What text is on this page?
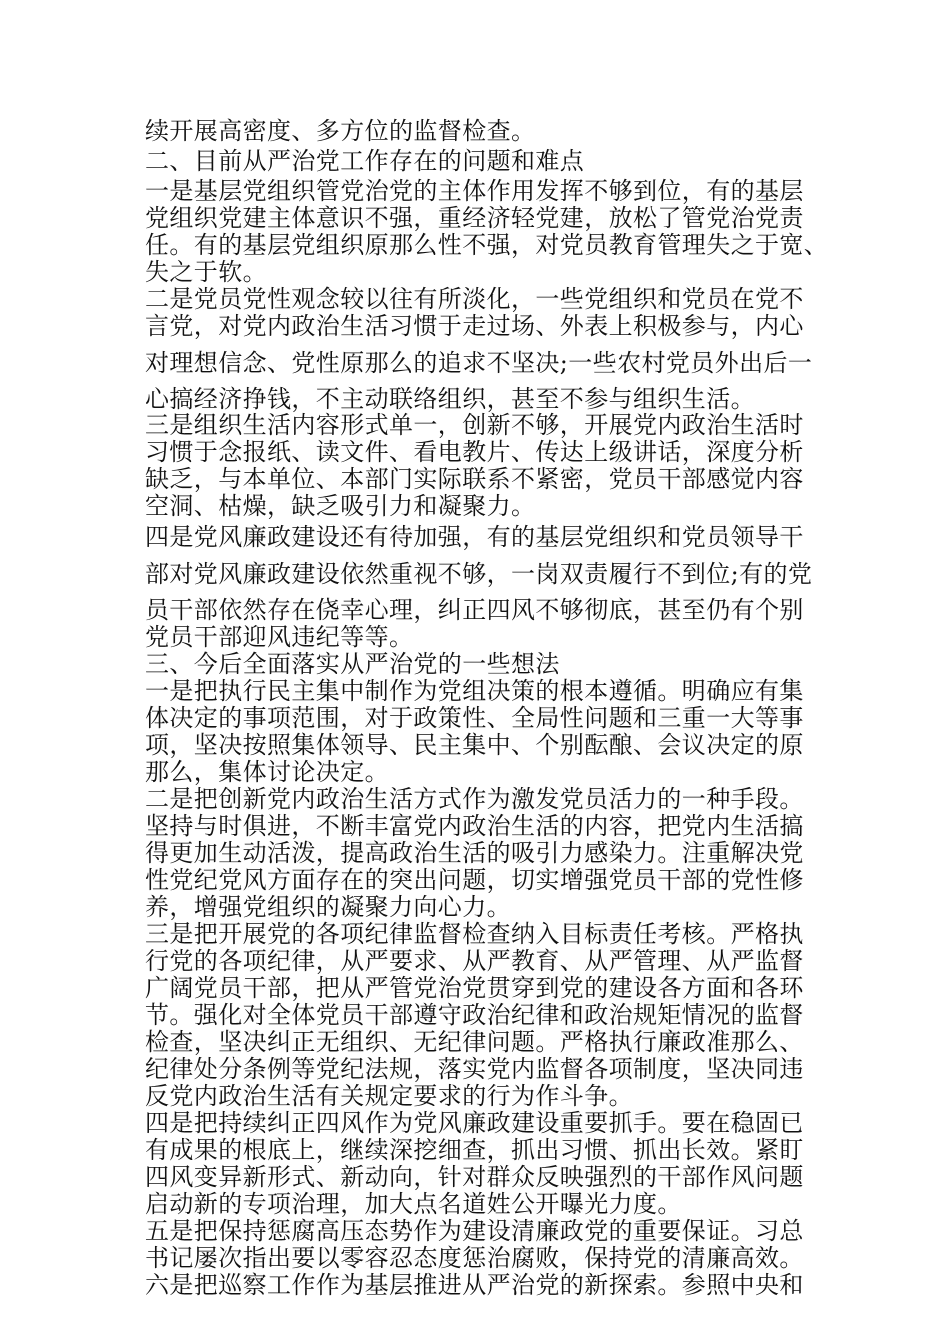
续开展高密度、多方位的监督检查。
二、目前从严治党工作存在的问题和难点
一是基层党组织管党治党的主体作用发挥不够到位，有的基层
党组织党建主体意识不强，重经济轻党建，放松了管党治党责
任。有的基层党组织原那么性不强，对党员教育管理失之于宽、
失之于软。
二是党员党性观念较以往有所淡化，一些党组织和党员在党不
言党，对党内政治生活习惯于走过场、外表上积极参与，内心
对理想信念、党性原那么的追求不坚决;一些农村党员外出后一
心搞经济挣钱，不主动联络组织，甚至不参与组织生活。
三是组织生活内容形式单一，创新不够，开展党内政治生活时
习惯于念报纸、读文件、看电教片、传达上级讲话，深度分析
缺乏，与本单位、本部门实际联系不紧密，党员干部感觉内容
空洞、枯燥，缺乏吸引力和凝聚力。
四是党风廉政建设还有待加强，有的基层党组织和党员领导干
部对党风廉政建设依然重视不够，一岗双责履行不到位;有的党
员干部依然存在侥幸心理，纠正四风不够彻底，甚至仍有个别
党员干部迎风违纪等等。
三、今后全面落实从严治党的一些想法
一是把执行民主集中制作为党组决策的根本遵循。明确应有集
体决定的事项范围，对于政策性、全局性问题和三重一大等事
项，坚决按照集体领导、民主集中、个别酝酿、会议决定的原
那么，集体讨论决定。
二是把创新党内政治生活方式作为激发党员活力的一种手段。
坚持与时俱进，不断丰富党内政治生活的内容，把党内生活搞
得更加生动活泼，提高政治生活的吸引力感染力。注重解决党
性党纪党风方面存在的突出问题，切实增强党员干部的党性修
养，增强党组织的凝聚力向心力。
三是把开展党的各项纪律监督检查纳入目标责任考核。严格执
行党的各项纪律，从严要求、从严教育、从严管理、从严监督
广阔党员干部，把从严管党治党贯穿到党的建设各方面和各环
节。强化对全体党员干部遵守政治纪律和政治规矩情况的监督
检查，坚决纠正无组织、无纪律问题。严格执行廉政准那么、
纪律处分条例等党纪法规，落实党内监督各项制度，坚决同违
反党内政治生活有关规定要求的行为作斗争。
四是把持续纠正四风作为党风廉政建设重要抓手。要在稳固已
有成果的根底上，继续深挖细查，抓出习惯、抓出长效。紧盯
四风变异新形式、新动向，针对群众反映强烈的干部作风问题
启动新的专项治理，加大点名道姓公开曝光力度。
五是把保持惩腐高压态势作为建设清廉政党的重要保证。习总
书记屡次指出要以零容忍态度惩治腐败，保持党的清廉高效。
六是把巡察工作作为基层推进从严治党的新探索。参照中央和
